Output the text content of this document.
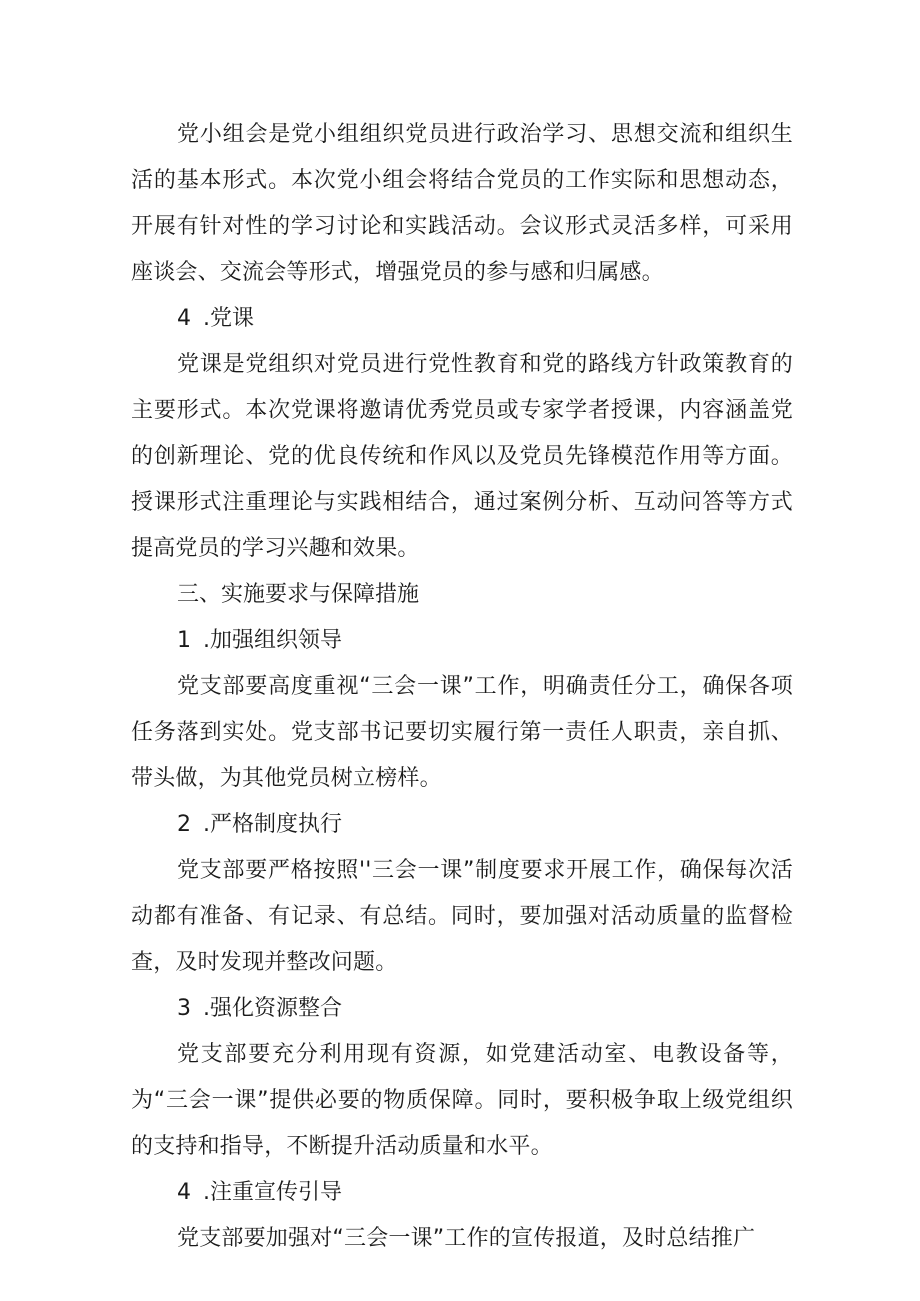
党小组会是党小组组织党员进行政治学习、思想交流和组织生活的基本形式。本次党小组会将结合党员的工作实际和思想动态，开展有针对性的学习讨论和实践活动。会议形式灵活多样，可采用座谈会、交流会等形式，增强党员的参与感和归属感。

4 .党课

党课是党组织对党员进行党性教育和党的路线方针政策教育的主要形式。本次党课将邀请优秀党员或专家学者授课，内容涵盖党的创新理论、党的优良传统和作风以及党员先锋模范作用等方面。授课形式注重理论与实践相结合，通过案例分析、互动问答等方式提高党员的学习兴趣和效果。

三、实施要求与保障措施
1 .加强组织领导

党支部要高度重视“三会一课”工作，明确责任分工，确保各项任务落到实处。党支部书记要切实履行第一责任人职责，亲自抓、带头做，为其他党员树立榜样。

2 .严格制度执行

党支部要严格按照''三会一课”制度要求开展工作，确保每次活动都有准备、有记录、有总结。同时，要加强对活动质量的监督检查，及时发现并整改问题。

3 .强化资源整合

党支部要充分利用现有资源，如党建活动室、电教设备等，为“三会一课”提供必要的物质保障。同时，要积极争取上级党组织的支持和指导，不断提升活动质量和水平。

4 .注重宣传引导

党支部要加强对“三会一课”工作的宣传报道，及时总结推广
